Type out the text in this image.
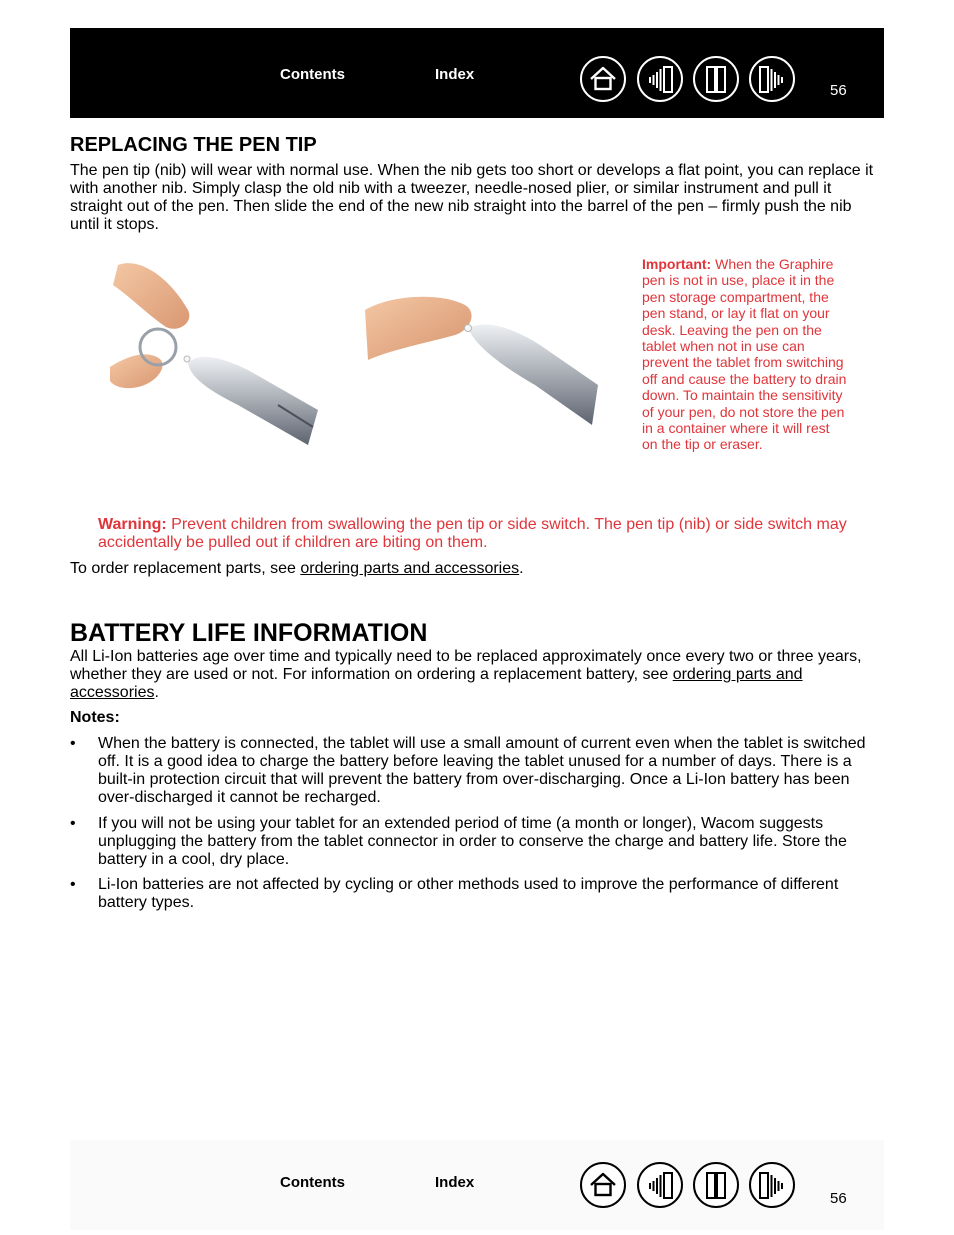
Contents	Index
56
REPLACING THE PEN TIP
The pen tip (nib) will wear with normal use. When the nib gets too short or develops a flat point, you can replace it with another nib. Simply clasp the old nib with a tweezer, needle-nosed plier, or similar instrument and pull it straight out of the pen. Then slide the end of the new nib straight into the barrel of the pen – firmly push the nib until it stops.
Important: When the Graphire pen is not in use, place it in the pen storage compartment, the pen stand, or lay it flat on your desk. Leaving the pen on the tablet when not in use can prevent the tablet from switching off and cause the battery to drain down. To maintain the sensitivity of your pen, do not store the pen in a container where it will rest on the tip or eraser.
Warning: Prevent children from swallowing the pen tip or side switch. The pen tip (nib) or side switch may accidentally be pulled out if children are biting on them.
To order replacement parts, see ordering parts and accessories.
BATTERY LIFE INFORMATION
All Li-Ion batteries age over time and typically need to be replaced approximately once every two or three years, whether they are used or not. For information on ordering a replacement battery, see ordering parts and accessories.
Notes:
• When the battery is connected, the tablet will use a small amount of current even when the tablet is switched off. It is a good idea to charge the battery before leaving the tablet unused for a number of days. There is a built-in protection circuit that will prevent the battery from over-discharging. Once a Li-Ion battery has been over-discharged it cannot be recharged.
• If you will not be using your tablet for an extended period of time (a month or longer), Wacom suggests unplugging the battery from the tablet connector in order to conserve the charge and battery life. Store the battery in a cool, dry place.
• Li-Ion batteries are not affected by cycling or other methods used to improve the performance of different battery types.
Contents	Index
56
